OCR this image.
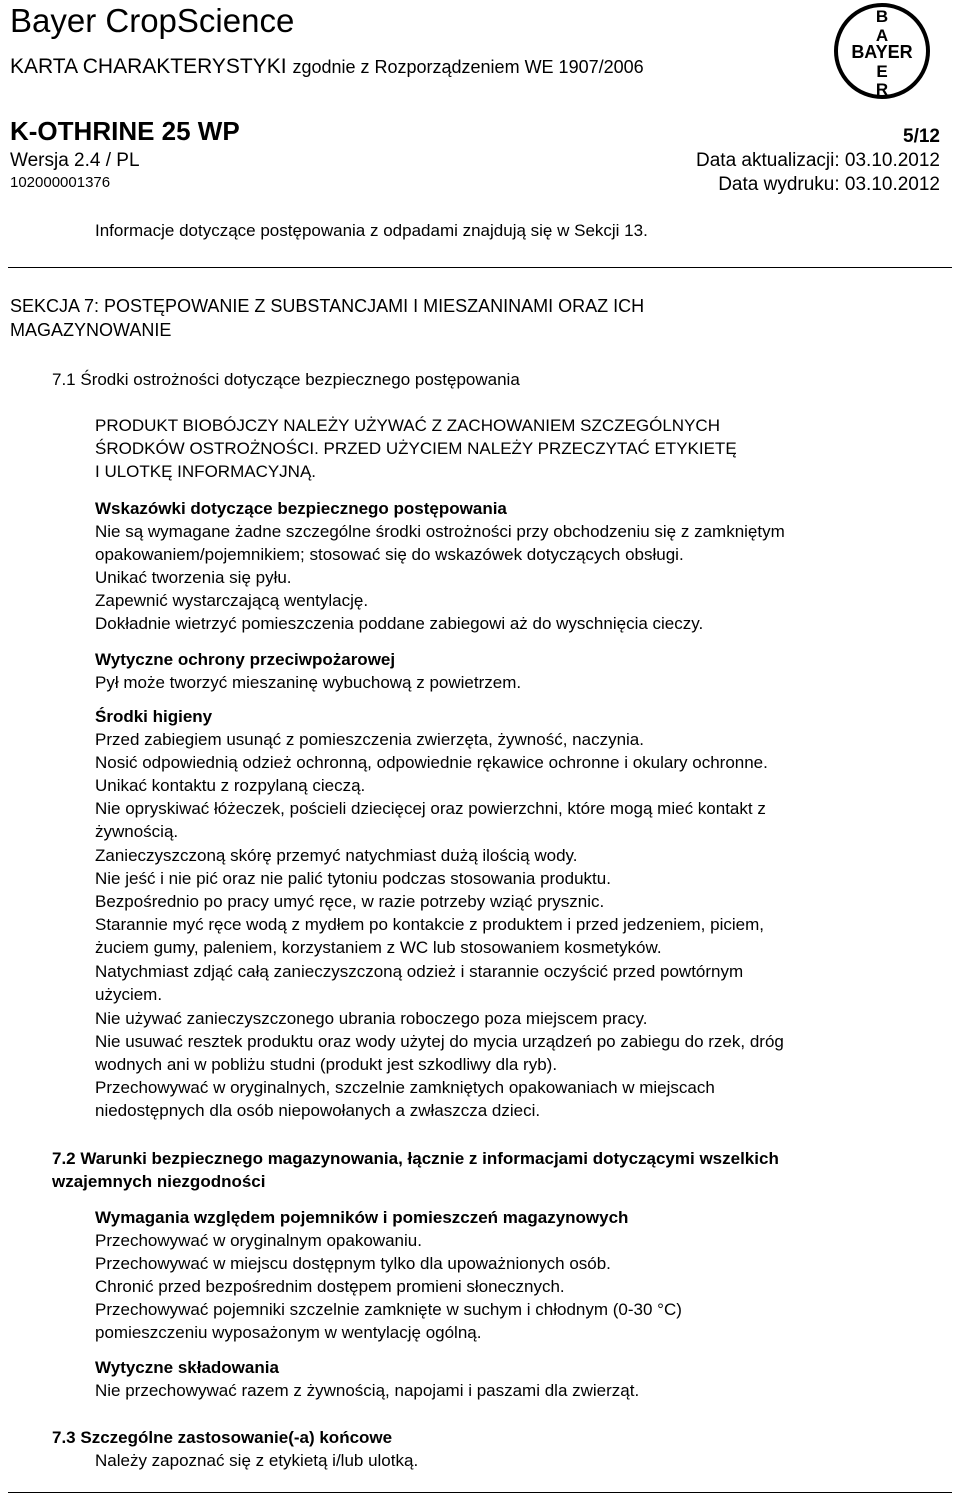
Bayer CropScience
KARTA CHARAKTERYSTYKI zgodnie z Rozporządzeniem WE 1907/2006
B
A
BAYER
E
R
K-OTHRINE 25 WP	5/12
Wersja 2.4 / PL	Data aktualizacji: 03.10.2012
102000001376	Data wydruku: 03.10.2012
Informacje dotyczące postępowania z odpadami znajdują się w Sekcji 13.
SEKCJA 7: POSTĘPOWANIE Z SUBSTANCJAMI I MIESZANINAMI ORAZ ICH
MAGAZYNOWANIE
7.1 Środki ostrożności dotyczące bezpiecznego postępowania
PRODUKT BIOBÓJCZY NALEŻY UŻYWAĆ Z ZACHOWANIEM SZCZEGÓLNYCH
ŚRODKÓW OSTROŻNOŚCI. PRZED UŻYCIEM NALEŻY PRZECZYTAĆ ETYKIETĘ
I ULOTKĘ INFORMACYJNĄ.
Wskazówki dotyczące bezpiecznego postępowania
Nie są wymagane żadne szczególne środki ostrożności przy obchodzeniu się z zamkniętym
opakowaniem/pojemnikiem; stosować się do wskazówek dotyczących obsługi.
Unikać tworzenia się pyłu.
Zapewnić wystarczającą wentylację.
Dokładnie wietrzyć pomieszczenia poddane zabiegowi aż do wyschnięcia cieczy.
Wytyczne ochrony przeciwpożarowej
Pył może tworzyć mieszaninę wybuchową z powietrzem.
Środki higieny
Przed zabiegiem usunąć z pomieszczenia zwierzęta, żywność, naczynia.
Nosić odpowiednią odzież ochronną, odpowiednie rękawice ochronne i okulary ochronne.
Unikać kontaktu z rozpylaną cieczą.
Nie opryskiwać łóżeczek, pościeli dziecięcej oraz powierzchni, które mogą mieć kontakt z
żywnością.
Zanieczyszczoną skórę przemyć natychmiast dużą ilością wody.
Nie jeść i nie pić oraz nie palić tytoniu podczas stosowania produktu.
Bezpośrednio po pracy umyć ręce, w razie potrzeby wziąć prysznic.
Starannie myć ręce wodą z mydłem po kontakcie z produktem i przed jedzeniem, piciem,
żuciem gumy, paleniem, korzystaniem z WC lub stosowaniem kosmetyków.
Natychmiast zdjąć całą zanieczyszczoną odzież i starannie oczyścić przed powtórnym
użyciem.
Nie używać zanieczyszczonego ubrania roboczego poza miejscem pracy.
Nie usuwać resztek produktu oraz wody użytej do mycia urządzeń po zabiegu do rzek, dróg
wodnych ani w pobliżu studni (produkt jest szkodliwy dla ryb).
Przechowywać w oryginalnych, szczelnie zamkniętych opakowaniach w miejscach
niedostępnych dla osób niepowołanych a zwłaszcza dzieci.
7.2 Warunki bezpiecznego magazynowania, łącznie z informacjami dotyczącymi wszelkich
wzajemnych niezgodności
Wymagania względem pojemników i pomieszczeń magazynowych
Przechowywać w oryginalnym opakowaniu.
Przechowywać w miejscu dostępnym tylko dla upoważnionych osób.
Chronić przed bezpośrednim dostępem promieni słonecznych.
Przechowywać pojemniki szczelnie zamknięte w suchym i chłodnym (0-30 °C)
pomieszczeniu wyposażonym w wentylację ogólną.
Wytyczne składowania
Nie przechowywać razem z żywnością, napojami i paszami dla zwierząt.
7.3 Szczególne zastosowanie(-a) końcowe
Należy zapoznać się z etykietą i/lub ulotką.
